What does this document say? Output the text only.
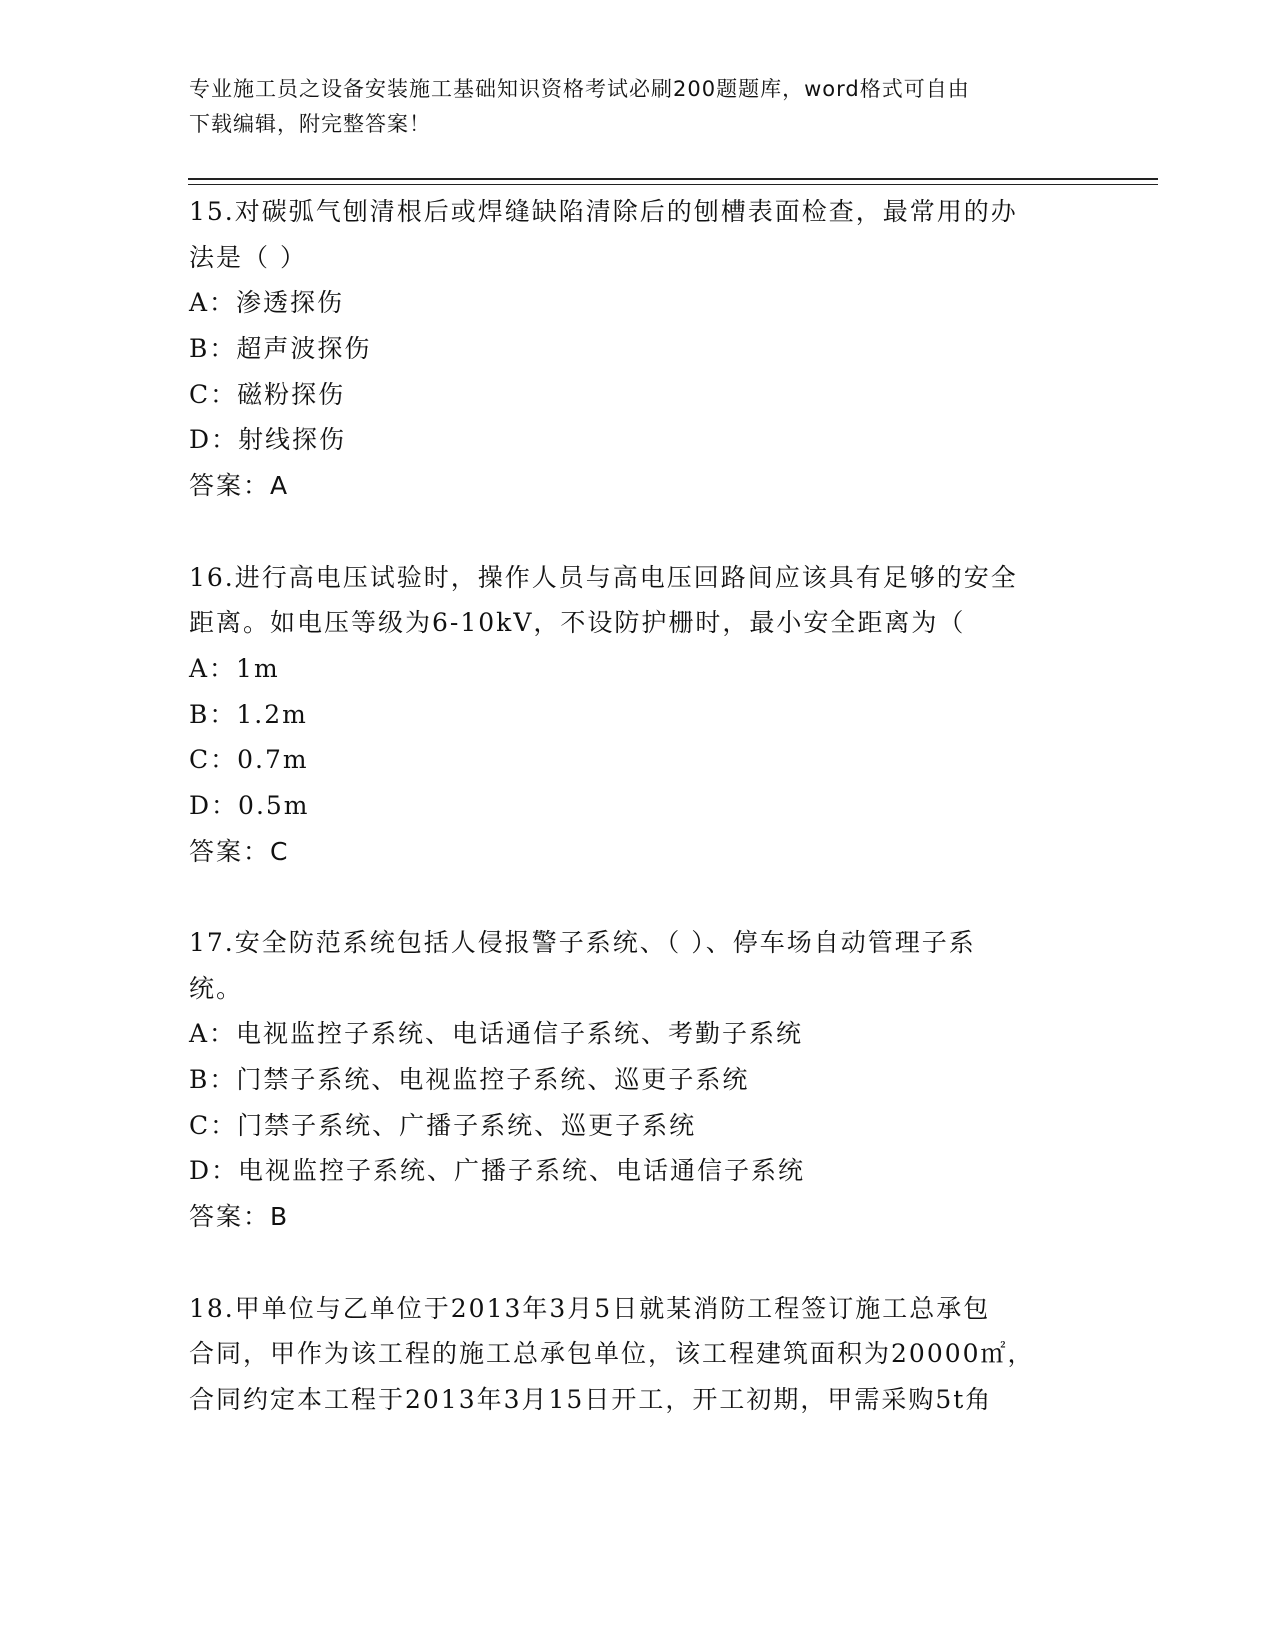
专业施工员之设备安装施工基础知识资格考试必刷200题题库，word格式可自由
下载编辑，附完整答案！
15.对碳弧气刨清根后或焊缝缺陷清除后的刨槽表面检查，最常用的办
法是（ ）
A：渗透探伤
B：超声波探伤
C：磁粉探伤
D：射线探伤
答案：A
16.进行高电压试验时，操作人员与高电压回路间应该具有足够的安全
距离。如电压等级为6-10kV，不设防护栅时，最小安全距离为（
A：1m
B：1.2m
C：0.7m
D：0.5m
答案：C
17.安全防范系统包括人侵报警子系统、（ ）、停车场自动管理子系
统。
A：电视监控子系统、电话通信子系统、考勤子系统
B：门禁子系统、电视监控子系统、巡更子系统
C：门禁子系统、广播子系统、巡更子系统
D：电视监控子系统、广播子系统、电话通信子系统
答案：B
18.甲单位与乙单位于2013年3月5日就某消防工程签订施工总承包
合同，甲作为该工程的施工总承包单位，该工程建筑面积为20000㎡，
合同约定本工程于2013年3月15日开工，开工初期，甲需采购5t角
